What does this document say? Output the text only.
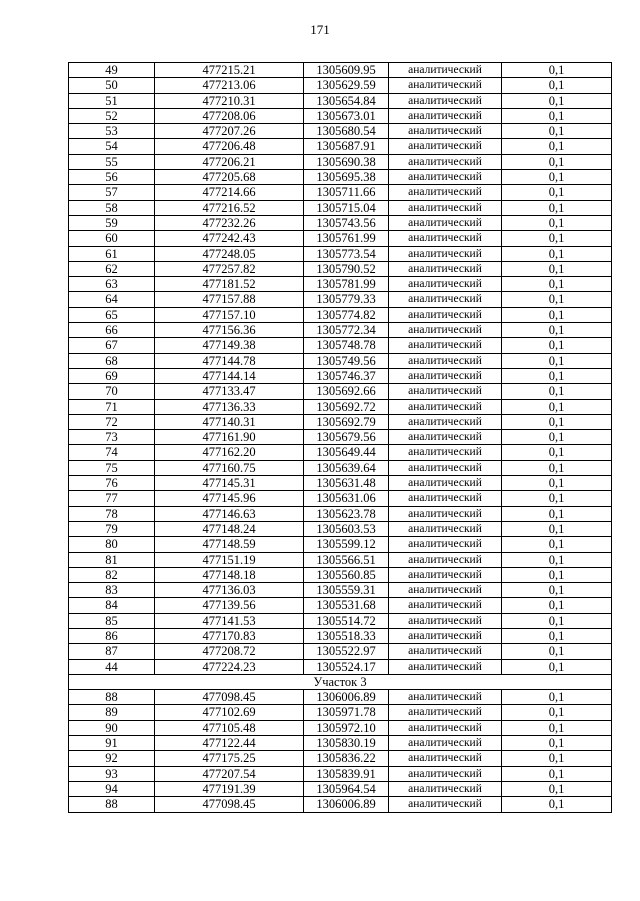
171
49	477215.21	1305609.95	аналитический	0,1
50	477213.06	1305629.59	аналитический	0,1
51	477210.31	1305654.84	аналитический	0,1
52	477208.06	1305673.01	аналитический	0,1
53	477207.26	1305680.54	аналитический	0,1
54	477206.48	1305687.91	аналитический	0,1
55	477206.21	1305690.38	аналитический	0,1
56	477205.68	1305695.38	аналитический	0,1
57	477214.66	1305711.66	аналитический	0,1
58	477216.52	1305715.04	аналитический	0,1
59	477232.26	1305743.56	аналитический	0,1
60	477242.43	1305761.99	аналитический	0,1
61	477248.05	1305773.54	аналитический	0,1
62	477257.82	1305790.52	аналитический	0,1
63	477181.52	1305781.99	аналитический	0,1
64	477157.88	1305779.33	аналитический	0,1
65	477157.10	1305774.82	аналитический	0,1
66	477156.36	1305772.34	аналитический	0,1
67	477149.38	1305748.78	аналитический	0,1
68	477144.78	1305749.56	аналитический	0,1
69	477144.14	1305746.37	аналитический	0,1
70	477133.47	1305692.66	аналитический	0,1
71	477136.33	1305692.72	аналитический	0,1
72	477140.31	1305692.79	аналитический	0,1
73	477161.90	1305679.56	аналитический	0,1
74	477162.20	1305649.44	аналитический	0,1
75	477160.75	1305639.64	аналитический	0,1
76	477145.31	1305631.48	аналитический	0,1
77	477145.96	1305631.06	аналитический	0,1
78	477146.63	1305623.78	аналитический	0,1
79	477148.24	1305603.53	аналитический	0,1
80	477148.59	1305599.12	аналитический	0,1
81	477151.19	1305566.51	аналитический	0,1
82	477148.18	1305560.85	аналитический	0,1
83	477136.03	1305559.31	аналитический	0,1
84	477139.56	1305531.68	аналитический	0,1
85	477141.53	1305514.72	аналитический	0,1
86	477170.83	1305518.33	аналитический	0,1
87	477208.72	1305522.97	аналитический	0,1
44	477224.23	1305524.17	аналитический	0,1
Участок 3				
88	477098.45	1306006.89	аналитический	0,1
89	477102.69	1305971.78	аналитический	0,1
90	477105.48	1305972.10	аналитический	0,1
91	477122.44	1305830.19	аналитический	0,1
92	477175.25	1305836.22	аналитический	0,1
93	477207.54	1305839.91	аналитический	0,1
94	477191.39	1305964.54	аналитический	0,1
88	477098.45	1306006.89	аналитический	0,1
